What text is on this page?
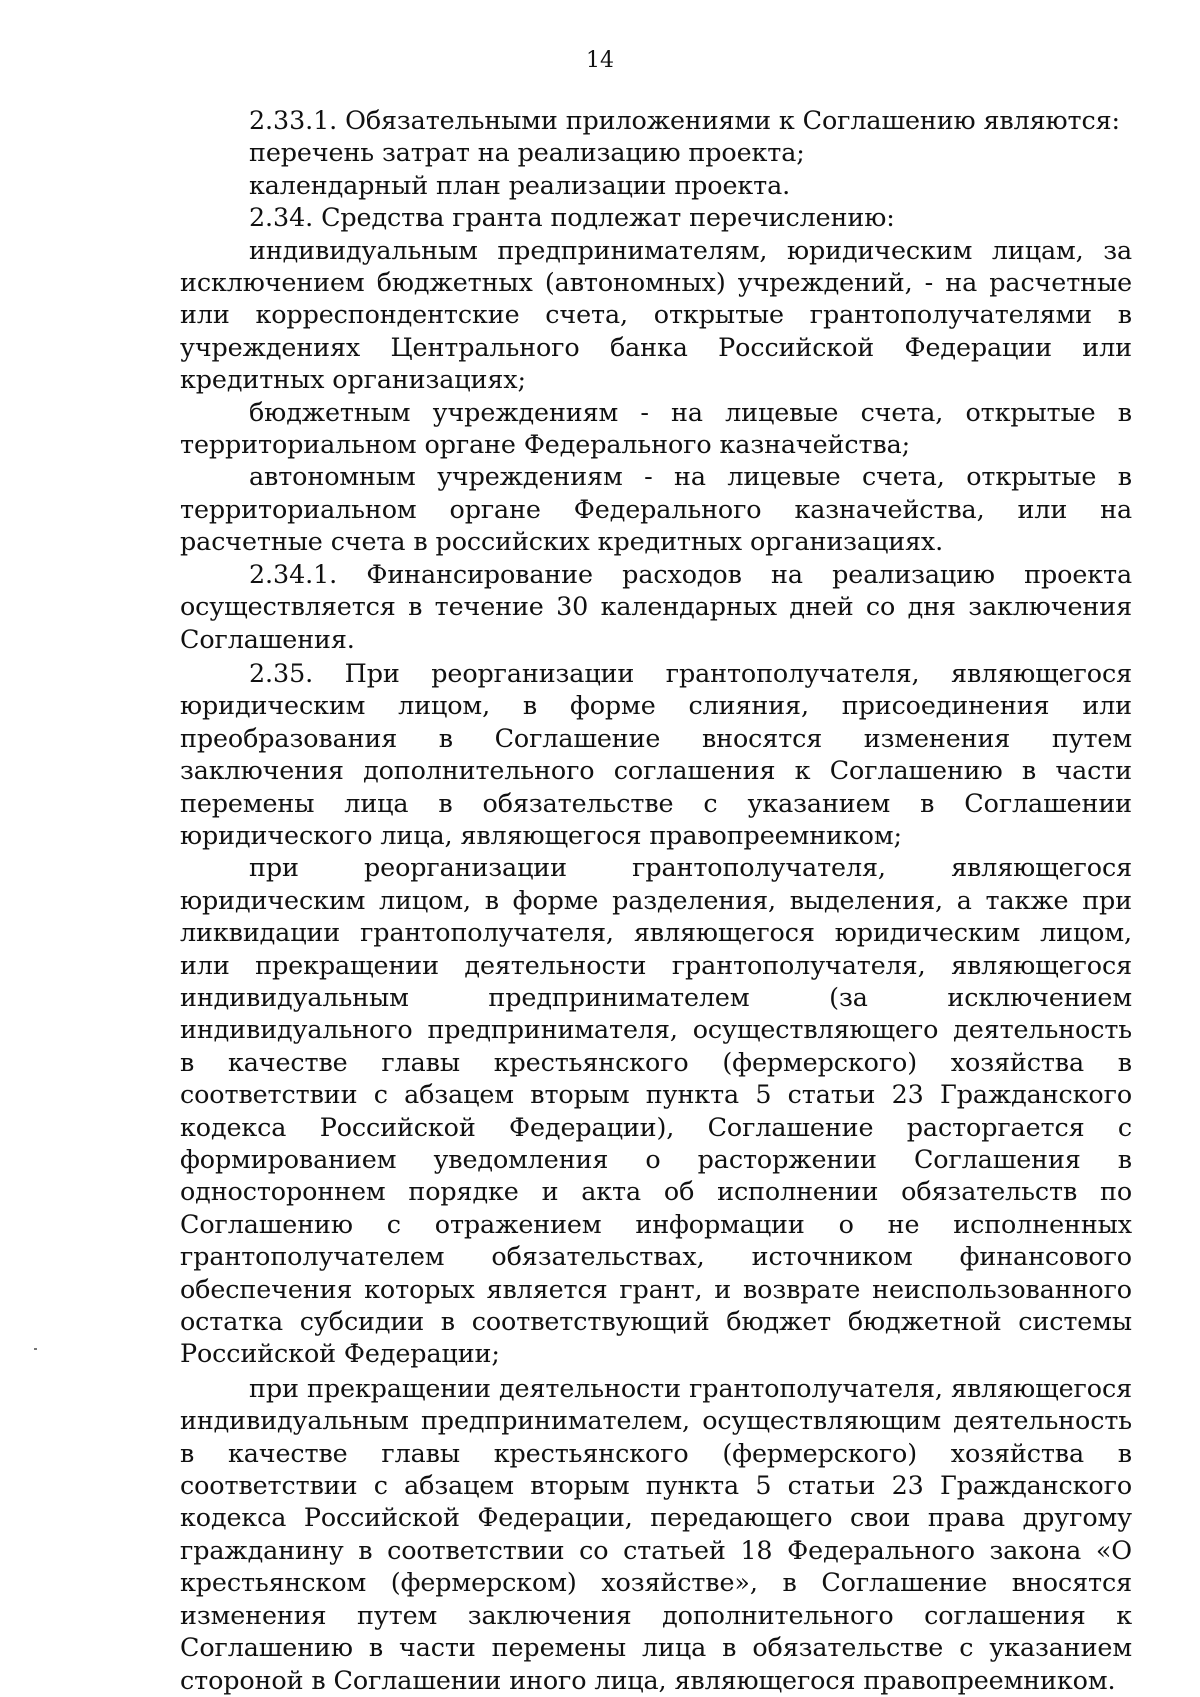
14

2.33.1. Обязательными приложениями к Соглашению являются:

перечень затрат на реализацию проекта;

календарный план реализации проекта.

2.34. Средства гранта подлежат перечислению:

индивидуальным предпринимателям, юридическим лицам, за исключением бюджетных (автономных) учреждений, - на расчетные или корреспондентские счета, открытые грантополучателями в учреждениях Центрального банка Российской Федерации или кредитных организациях;

бюджетным учреждениям - на лицевые счета, открытые в территориальном органе Федерального казначейства;

автономным учреждениям - на лицевые счета, открытые в территориальном органе Федерального казначейства, или на расчетные счета в российских кредитных организациях.

2.34.1. Финансирование расходов на реализацию проекта осуществляется в течение 30 календарных дней со дня заключения Соглашения.

2.35. При реорганизации грантополучателя, являющегося юридическим лицом, в форме слияния, присоединения или преобразования в Соглашение вносятся изменения путем заключения дополнительного соглашения к Соглашению в части перемены лица в обязательстве с указанием в Соглашении юридического лица, являющегося правопреемником;

при реорганизации грантополучателя, являющегося юридическим лицом, в форме разделения, выделения, а также при ликвидации грантополучателя, являющегося юридическим лицом, или прекращении деятельности грантополучателя, являющегося индивидуальным предпринимателем (за исключением индивидуального предпринимателя, осуществляющего деятельность в качестве главы крестьянского (фермерского) хозяйства в соответствии с абзацем вторым пункта 5 статьи 23 Гражданского кодекса Российской Федерации), Соглашение расторгается с формированием уведомления о расторжении Соглашения в одностороннем порядке и акта об исполнении обязательств по Соглашению с отражением информации о не исполненных грантополучателем обязательствах, источником финансового обеспечения которых является грант, и возврате неиспользованного остатка субсидии в соответствующий бюджет бюджетной системы Российской Федерации;

при прекращении деятельности грантополучателя, являющегося индивидуальным предпринимателем, осуществляющим деятельность в качестве главы крестьянского (фермерского) хозяйства в соответствии с абзацем вторым пункта 5 статьи 23 Гражданского кодекса Российской Федерации, передающего свои права другому гражданину в соответствии со статьей 18 Федерального закона «О крестьянском (фермерском) хозяйстве», в Соглашение вносятся изменения путем заключения дополнительного соглашения к Соглашению в части перемены лица в обязательстве с указанием стороной в Соглашении иного лица, являющегося правопреемником.
